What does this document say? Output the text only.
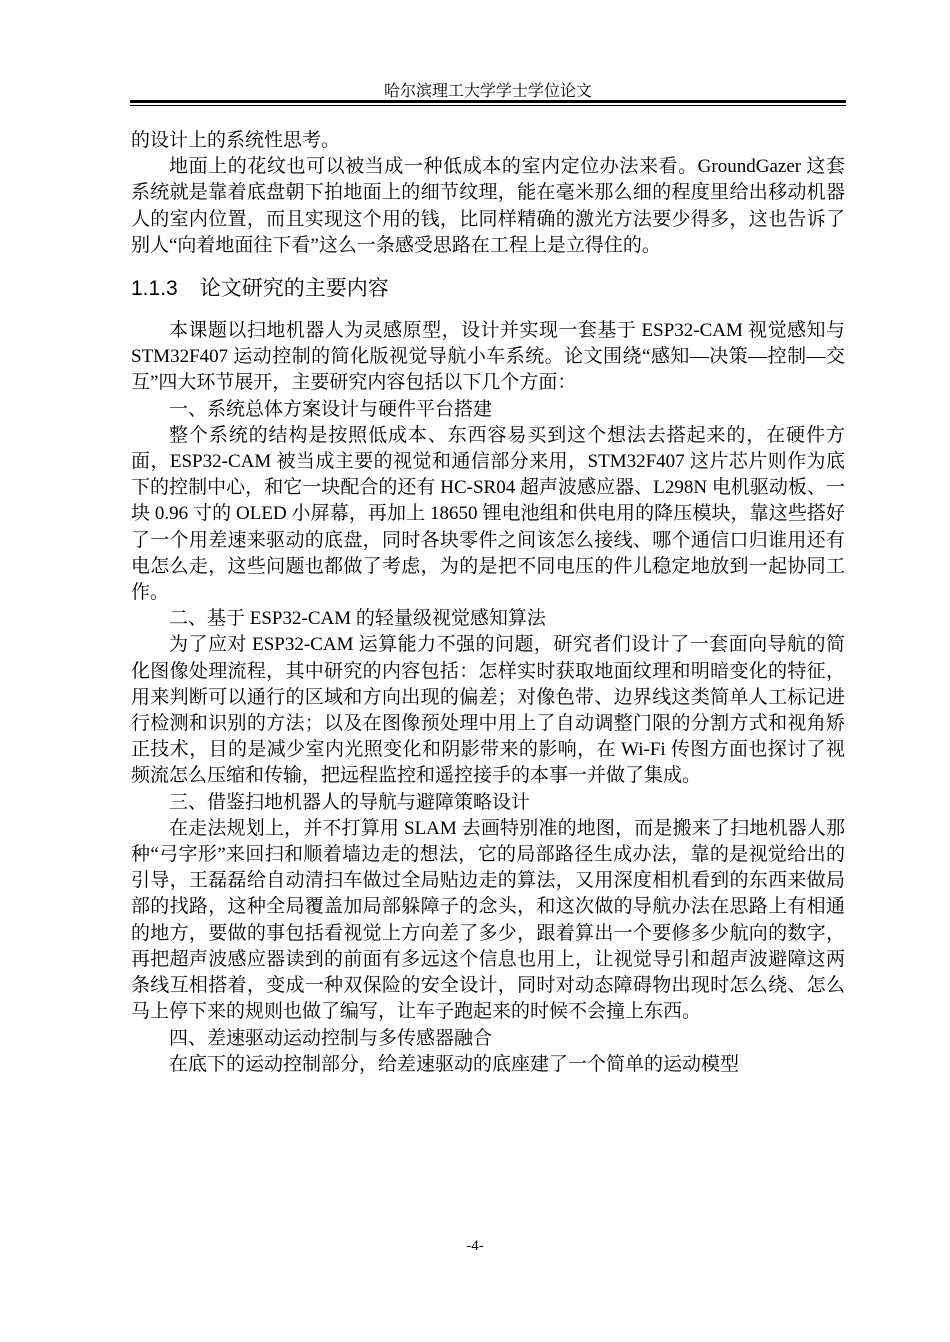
哈尔滨理工大学学士学位论文

的设计上的系统性思考。

地面上的花纹也可以被当成一种低成本的室内定位办法来看。GroundGazer 这套系统就是靠着底盘朝下拍地面上的细节纹理，能在毫米那么细的程度里给出移动机器人的室内位置，而且实现这个用的钱，比同样精确的激光方法要少得多，这也告诉了别人“向着地面往下看”这么一条感受思路在工程上是立得住的。

1.1.3 论文研究的主要内容

本课题以扫地机器人为灵感原型，设计并实现一套基于 ESP32-CAM 视觉感知与 STM32F407 运动控制的简化版视觉导航小车系统。论文围绕“感知—决策—控制—交互”四大环节展开，主要研究内容包括以下几个方面：

一、系统总体方案设计与硬件平台搭建

整个系统的结构是按照低成本、东西容易买到这个想法去搭起来的，在硬件方面，ESP32-CAM 被当成主要的视觉和通信部分来用，STM32F407 这片芯片则作为底下的控制中心，和它一块配合的还有 HC-SR04 超声波感应器、L298N 电机驱动板、一块 0.96 寸的 OLED 小屏幕，再加上 18650 锂电池组和供电用的降压模块，靠这些搭好了一个用差速来驱动的底盘，同时各块零件之间该怎么接线、哪个通信口归谁用还有电怎么走，这些问题也都做了考虑，为的是把不同电压的件儿稳定地放到一起协同工作。

二、基于 ESP32-CAM 的轻量级视觉感知算法

为了应对 ESP32-CAM 运算能力不强的问题，研究者们设计了一套面向导航的简化图像处理流程，其中研究的内容包括：怎样实时获取地面纹理和明暗变化的特征，用来判断可以通行的区域和方向出现的偏差；对像色带、边界线这类简单人工标记进行检测和识别的方法；以及在图像预处理中用上了自动调整门限的分割方式和视角矫正技术，目的是减少室内光照变化和阴影带来的影响，在 Wi-Fi 传图方面也探讨了视频流怎么压缩和传输，把远程监控和遥控接手的本事一并做了集成。

三、借鉴扫地机器人的导航与避障策略设计

在走法规划上，并不打算用 SLAM 去画特别准的地图，而是搬来了扫地机器人那种“弓字形”来回扫和顺着墙边走的想法，它的局部路径生成办法，靠的是视觉给出的引导，王磊磊给自动清扫车做过全局贴边走的算法，又用深度相机看到的东西来做局部的找路，这种全局覆盖加局部躲障子的念头，和这次做的导航办法在思路上有相通的地方，要做的事包括看视觉上方向差了多少，跟着算出一个要修多少航向的数字，再把超声波感应器读到的前面有多远这个信息也用上，让视觉导引和超声波避障这两条线互相搭着，变成一种双保险的安全设计，同时对动态障碍物出现时怎么绕、怎么马上停下来的规则也做了编写，让车子跑起来的时候不会撞上东西。

四、差速驱动运动控制与多传感器融合

在底下的运动控制部分，给差速驱动的底座建了一个简单的运动模型

-4-
